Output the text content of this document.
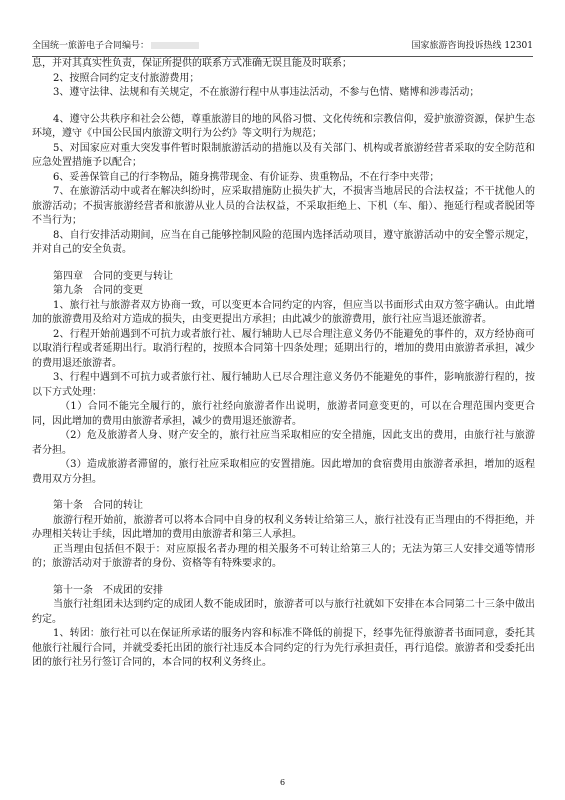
全国统一旅游电子合同编号：	国家旅游咨询投诉热线 12301

息，并对其真实性负责，保证所提供的联系方式准确无误且能及时联系；

2、按照合同约定支付旅游费用；

3、遵守法律、法规和有关规定，不在旅游行程中从事违法活动，不参与色情、赌博和涉毒活动；

4、遵守公共秩序和社会公德，尊重旅游目的地的风俗习惯、文化传统和宗教信仰，爱护旅游资源，保护生态环境，遵守《中国公民国内旅游文明行为公约》等文明行为规范；

5、对国家应对重大突发事件暂时限制旅游活动的措施以及有关部门、机构或者旅游经营者采取的安全防范和应急处置措施予以配合；

6、妥善保管自己的行李物品，随身携带现金、有价证券、贵重物品，不在行李中夹带；

7、在旅游活动中或者在解决纠纷时，应采取措施防止损失扩大，不损害当地居民的合法权益；不干扰他人的旅游活动；不损害旅游经营者和旅游从业人员的合法权益，不采取拒绝上、下机（车、船）、拖延行程或者脱团等不当行为；

8、自行安排活动期间，应当在自己能够控制风险的范围内选择活动项目，遵守旅游活动中的安全警示规定，并对自己的安全负责。

第四章　合同的变更与转让

第九条　合同的变更

1、旅行社与旅游者双方协商一致，可以变更本合同约定的内容，但应当以书面形式由双方签字确认。由此增加的旅游费用及给对方造成的损失，由变更提出方承担；由此减少的旅游费用，旅行社应当退还旅游者。

2、行程开始前遇到不可抗力或者旅行社、履行辅助人已尽合理注意义务仍不能避免的事件的，双方经协商可以取消行程或者延期出行。取消行程的，按照本合同第十四条处理；延期出行的，增加的费用由旅游者承担，减少的费用退还旅游者。

3、行程中遇到不可抗力或者旅行社、履行辅助人已尽合理注意义务仍不能避免的事件，影响旅游行程的，按以下方式处理：

（1）合同不能完全履行的，旅行社经向旅游者作出说明，旅游者同意变更的，可以在合理范围内变更合同，因此增加的费用由旅游者承担，减少的费用退还旅游者。

（2）危及旅游者人身、财产安全的，旅行社应当采取相应的安全措施，因此支出的费用，由旅行社与旅游者分担。

（3）造成旅游者滞留的，旅行社应采取相应的安置措施。因此增加的食宿费用由旅游者承担，增加的返程费用双方分担。

第十条　合同的转让

旅游行程开始前，旅游者可以将本合同中自身的权利义务转让给第三人，旅行社没有正当理由的不得拒绝，并办理相关转让手续，因此增加的费用由旅游者和第三人承担。

正当理由包括但不限于：对应原报名者办理的相关服务不可转让给第三人的；无法为第三人安排交通等情形的；旅游活动对于旅游者的身份、资格等有特殊要求的。

第十一条　不成团的安排

当旅行社组团未达到约定的成团人数不能成团时，旅游者可以与旅行社就如下安排在本合同第二十三条中做出约定。

1、转团：旅行社可以在保证所承诺的服务内容和标准不降低的前提下，经事先征得旅游者书面同意，委托其他旅行社履行合同，并就受委托出团的旅行社违反本合同约定的行为先行承担责任，再行追偿。旅游者和受委托出团的旅行社另行签订合同的，本合同的权利义务终止。

6
